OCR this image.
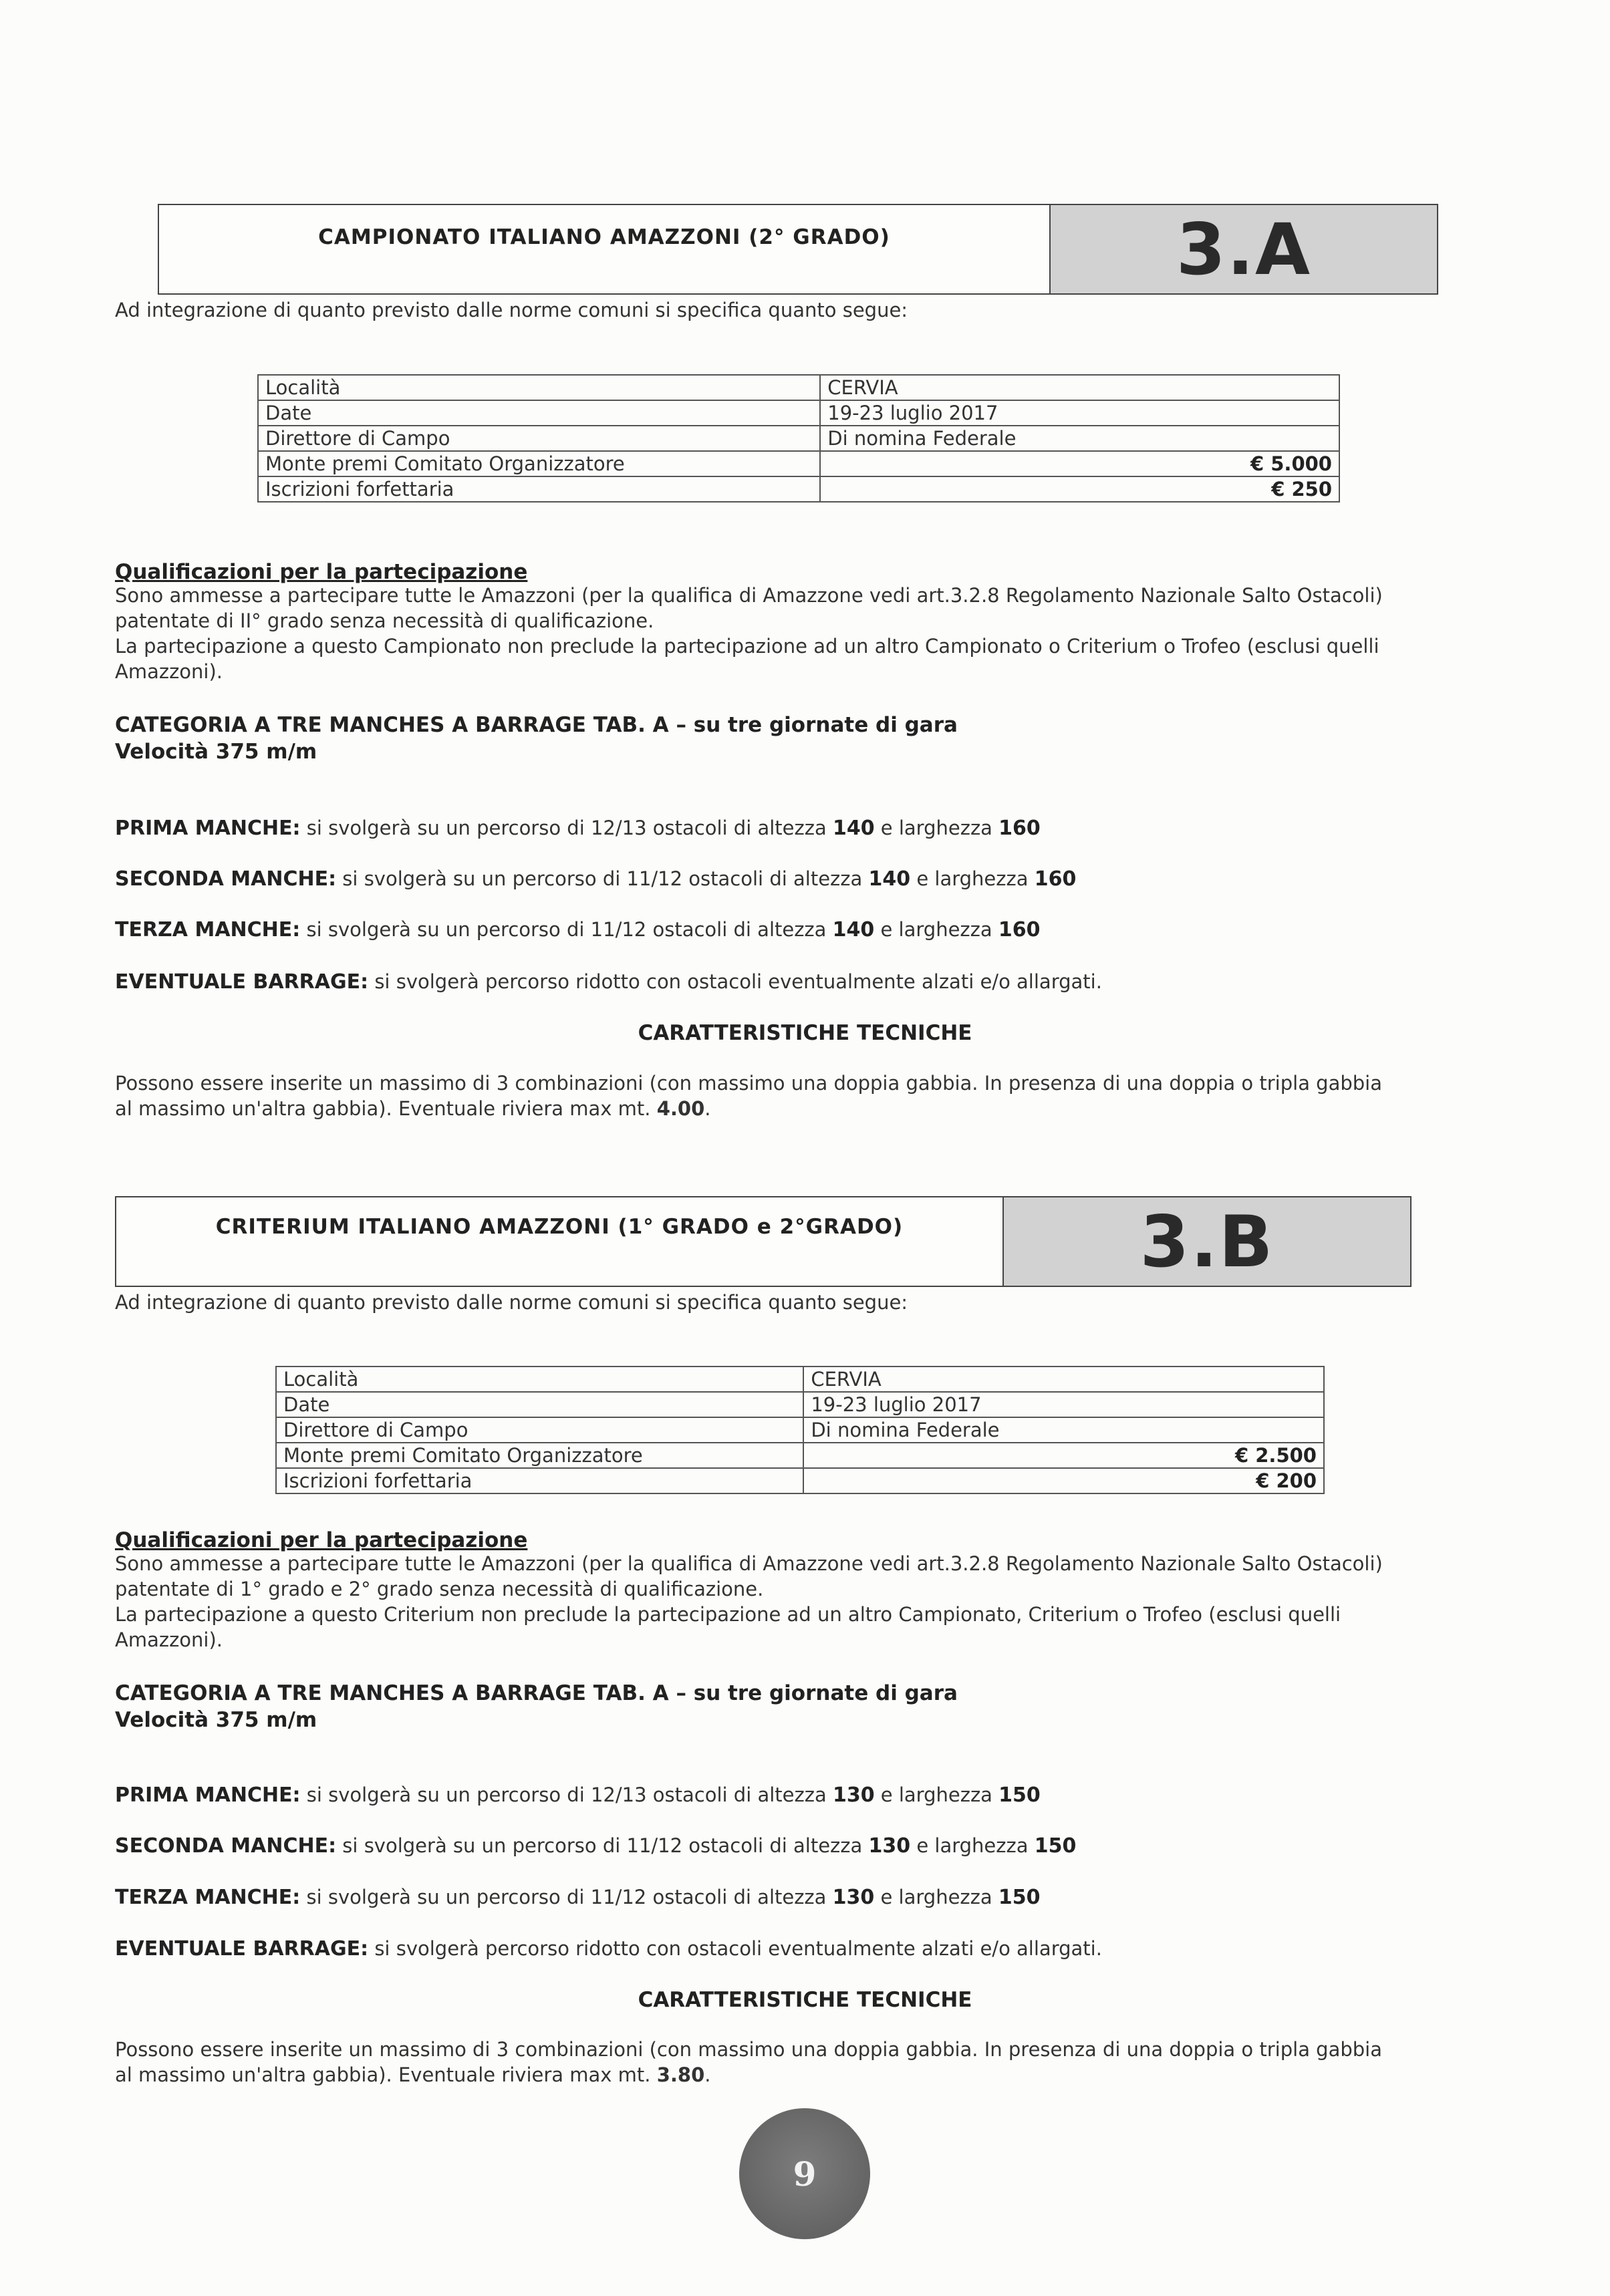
CAMPIONATO ITALIANO AMAZZONI (2° GRADO)	3.A
Ad integrazione di quanto previsto dalle norme comuni si specifica quanto segue:
Località	CERVIA
Date	19-23 luglio 2017
Direttore di Campo	Di nomina Federale
Monte premi Comitato Organizzatore	€ 5.000
Iscrizioni forfettaria	€ 250
Qualificazioni per la partecipazione
Sono ammesse a partecipare tutte le Amazzoni (per la qualifica di Amazzone vedi art.3.2.8 Regolamento Nazionale Salto Ostacoli)
patentate di II° grado senza necessità di qualificazione.
La partecipazione a questo Campionato non preclude la partecipazione ad un altro Campionato o Criterium o Trofeo (esclusi quelli
Amazzoni).
CATEGORIA A TRE MANCHES A BARRAGE TAB. A – su tre giornate di gara
Velocità 375 m/m
PRIMA MANCHE: si svolgerà su un percorso di 12/13 ostacoli di altezza 140 e larghezza 160
SECONDA MANCHE: si svolgerà su un percorso di 11/12 ostacoli di altezza 140 e larghezza 160
TERZA MANCHE: si svolgerà su un percorso di 11/12 ostacoli di altezza 140 e larghezza 160
EVENTUALE BARRAGE: si svolgerà percorso ridotto con ostacoli eventualmente alzati e/o allargati.
CARATTERISTICHE TECNICHE
Possono essere inserite un massimo di 3 combinazioni (con massimo una doppia gabbia. In presenza di una doppia o tripla gabbia
al massimo un'altra gabbia). Eventuale riviera max mt. 4.00.
CRITERIUM ITALIANO AMAZZONI (1° GRADO e 2°GRADO)	3.B
Ad integrazione di quanto previsto dalle norme comuni si specifica quanto segue:
Località	CERVIA
Date	19-23 luglio 2017
Direttore di Campo	Di nomina Federale
Monte premi Comitato Organizzatore	€ 2.500
Iscrizioni forfettaria	€ 200
Qualificazioni per la partecipazione
Sono ammesse a partecipare tutte le Amazzoni (per la qualifica di Amazzone vedi art.3.2.8 Regolamento Nazionale Salto Ostacoli)
patentate di 1° grado e 2° grado senza necessità di qualificazione.
La partecipazione a questo Criterium non preclude la partecipazione ad un altro Campionato, Criterium o Trofeo (esclusi quelli
Amazzoni).
CATEGORIA A TRE MANCHES A BARRAGE TAB. A – su tre giornate di gara
Velocità 375 m/m
PRIMA MANCHE: si svolgerà su un percorso di 12/13 ostacoli di altezza 130 e larghezza 150
SECONDA MANCHE: si svolgerà su un percorso di 11/12 ostacoli di altezza 130 e larghezza 150
TERZA MANCHE: si svolgerà su un percorso di 11/12 ostacoli di altezza 130 e larghezza 150
EVENTUALE BARRAGE: si svolgerà percorso ridotto con ostacoli eventualmente alzati e/o allargati.
CARATTERISTICHE TECNICHE
Possono essere inserite un massimo di 3 combinazioni (con massimo una doppia gabbia. In presenza di una doppia o tripla gabbia
al massimo un'altra gabbia). Eventuale riviera max mt. 3.80.
9
